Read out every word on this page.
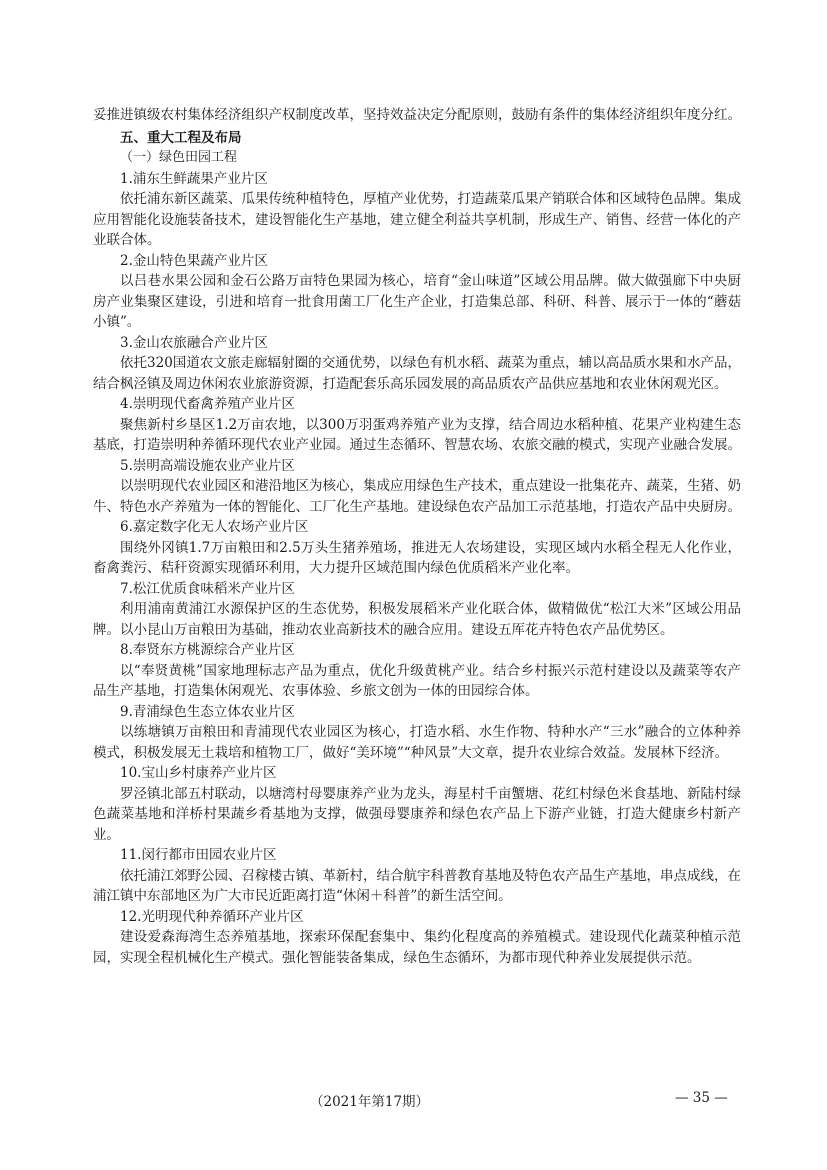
妥推进镇级农村集体经济组织产权制度改革，坚持效益决定分配原则，鼓励有条件的集体经济组织年度分红。

五、重大工程及布局

（一）绿色田园工程

1.浦东生鲜蔬果产业片区

依托浦东新区蔬菜、瓜果传统种植特色，厚植产业优势，打造蔬菜瓜果产销联合体和区域特色品牌。集成应用智能化设施装备技术，建设智能化生产基地，建立健全利益共享机制，形成生产、销售、经营一体化的产业联合体。

2.金山特色果蔬产业片区

以吕巷水果公园和金石公路万亩特色果园为核心，培育“金山味道”区域公用品牌。做大做强廊下中央厨房产业集聚区建设，引进和培育一批食用菌工厂化生产企业，打造集总部、科研、科普、展示于一体的“蘑菇小镇”。

3.金山农旅融合产业片区

依托320国道农文旅走廊辐射圈的交通优势，以绿色有机水稻、蔬菜为重点，辅以高品质水果和水产品，结合枫泾镇及周边休闲农业旅游资源，打造配套乐高乐园发展的高品质农产品供应基地和农业休闲观光区。

4.崇明现代畜禽养殖产业片区

聚焦新村乡垦区1.2万亩农地，以300万羽蛋鸡养殖产业为支撑，结合周边水稻种植、花果产业构建生态基底，打造崇明种养循环现代农业产业园。通过生态循环、智慧农场、农旅交融的模式，实现产业融合发展。

5.崇明高端设施农业产业片区

以崇明现代农业园区和港沿地区为核心，集成应用绿色生产技术，重点建设一批集花卉、蔬菜，生猪、奶牛、特色水产养殖为一体的智能化、工厂化生产基地。建设绿色农产品加工示范基地，打造农产品中央厨房。

6.嘉定数字化无人农场产业片区

围绕外冈镇1.7万亩粮田和2.5万头生猪养殖场，推进无人农场建设，实现区域内水稻全程无人化作业，畜禽粪污、秸秆资源实现循环利用，大力提升区域范围内绿色优质稻米产业化率。

7.松江优质食味稻米产业片区

利用浦南黄浦江水源保护区的生态优势，积极发展稻米产业化联合体，做精做优“松江大米”区域公用品牌。以小昆山万亩粮田为基础，推动农业高新技术的融合应用。建设五厍花卉特色农产品优势区。

8.奉贤东方桃源综合产业片区

以“奉贤黄桃”国家地理标志产品为重点，优化升级黄桃产业。结合乡村振兴示范村建设以及蔬菜等农产品生产基地，打造集休闲观光、农事体验、乡旅文创为一体的田园综合体。

9.青浦绿色生态立体农业片区

以练塘镇万亩粮田和青浦现代农业园区为核心，打造水稻、水生作物、特种水产“三水”融合的立体种养模式，积极发展无土栽培和植物工厂，做好“美环境”“种风景”大文章，提升农业综合效益。发展林下经济。

10.宝山乡村康养产业片区

罗泾镇北部五村联动，以塘湾村母婴康养产业为龙头，海星村千亩蟹塘、花红村绿色米食基地、新陆村绿色蔬菜基地和洋桥村果蔬乡肴基地为支撑，做强母婴康养和绿色农产品上下游产业链，打造大健康乡村新产业。

11.闵行都市田园农业片区

依托浦江郊野公园、召稼楼古镇、革新村，结合航宇科普教育基地及特色农产品生产基地，串点成线，在浦江镇中东部地区为广大市民近距离打造“休闲＋科普”的新生活空间。

12.光明现代种养循环产业片区

建设爱森海湾生态养殖基地，探索环保配套集中、集约化程度高的养殖模式。建设现代化蔬菜种植示范园，实现全程机械化生产模式。强化智能装备集成，绿色生态循环，为都市现代种养业发展提供示范。

（2021年第17期）	— 35 —
